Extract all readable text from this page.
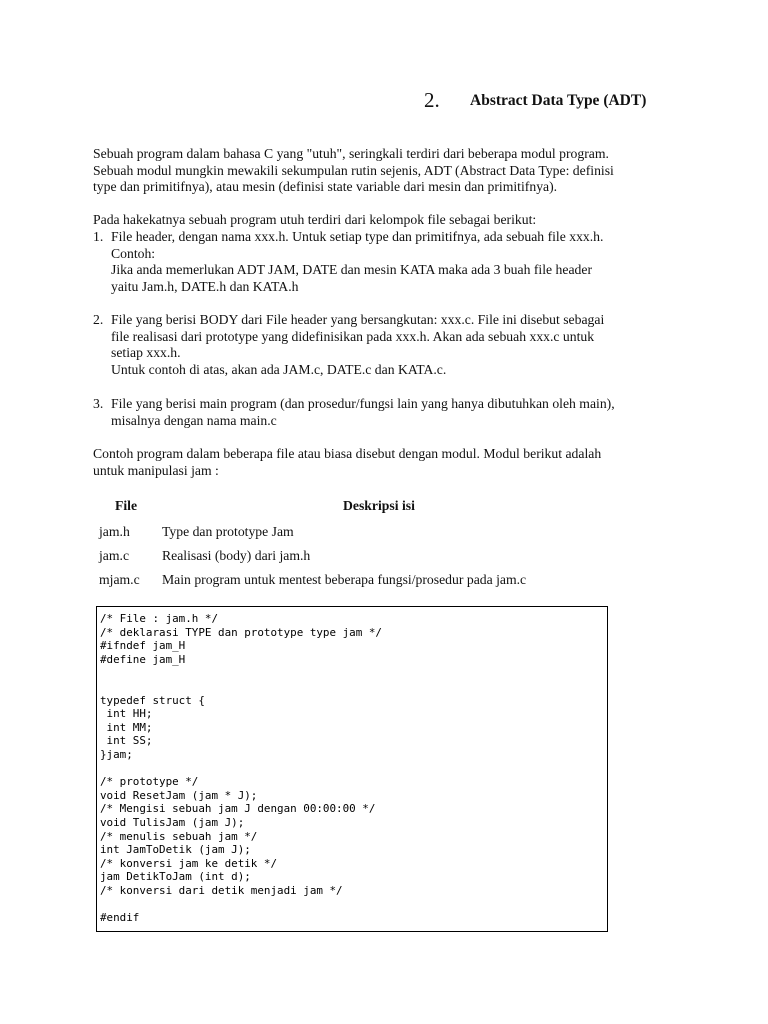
2. Abstract Data Type (ADT)
Sebuah program dalam bahasa C yang "utuh", seringkali terdiri dari beberapa modul program.
Sebuah modul mungkin mewakili sekumpulan rutin sejenis, ADT (Abstract Data Type: definisi
type dan primitifnya), atau mesin (definisi state variable dari mesin dan primitifnya).
Pada hakekatnya sebuah program utuh terdiri dari kelompok file sebagai berikut:
1. File header, dengan nama xxx.h. Untuk setiap type dan primitifnya, ada sebuah file xxx.h.
Contoh:
Jika anda memerlukan ADT JAM, DATE dan mesin KATA maka ada 3 buah file header
yaitu Jam.h, DATE.h dan KATA.h
2. File yang berisi BODY dari File header yang bersangkutan: xxx.c. File ini disebut sebagai
file realisasi dari prototype yang didefinisikan pada xxx.h. Akan ada sebuah xxx.c untuk
setiap xxx.h.
Untuk contoh di atas, akan ada JAM.c, DATE.c dan KATA.c.
3. File yang berisi main program (dan prosedur/fungsi lain yang hanya dibutuhkan oleh main),
misalnya dengan nama main.c
Contoh program dalam beberapa file atau biasa disebut dengan modul. Modul berikut adalah
untuk manipulasi jam :
File	Deskripsi isi
jam.h Type dan prototype Jam
jam.c Realisasi (body) dari jam.h
mjam.c Main program untuk mentest beberapa fungsi/prosedur pada jam.c
/* File : jam.h */
/* deklarasi TYPE dan prototype type jam */
#ifndef jam_H
#define jam_H
typedef struct {
int HH;
int MM;
int SS;
}jam;
/* prototype */
void ResetJam (jam * J);
/* Mengisi sebuah jam J dengan 00:00:00 */
void TulisJam (jam J);
/* menulis sebuah jam */
int JamToDetik (jam J);
/* konversi jam ke detik */
jam DetikToJam (int d);
/* konversi dari detik menjadi jam */
#endif
